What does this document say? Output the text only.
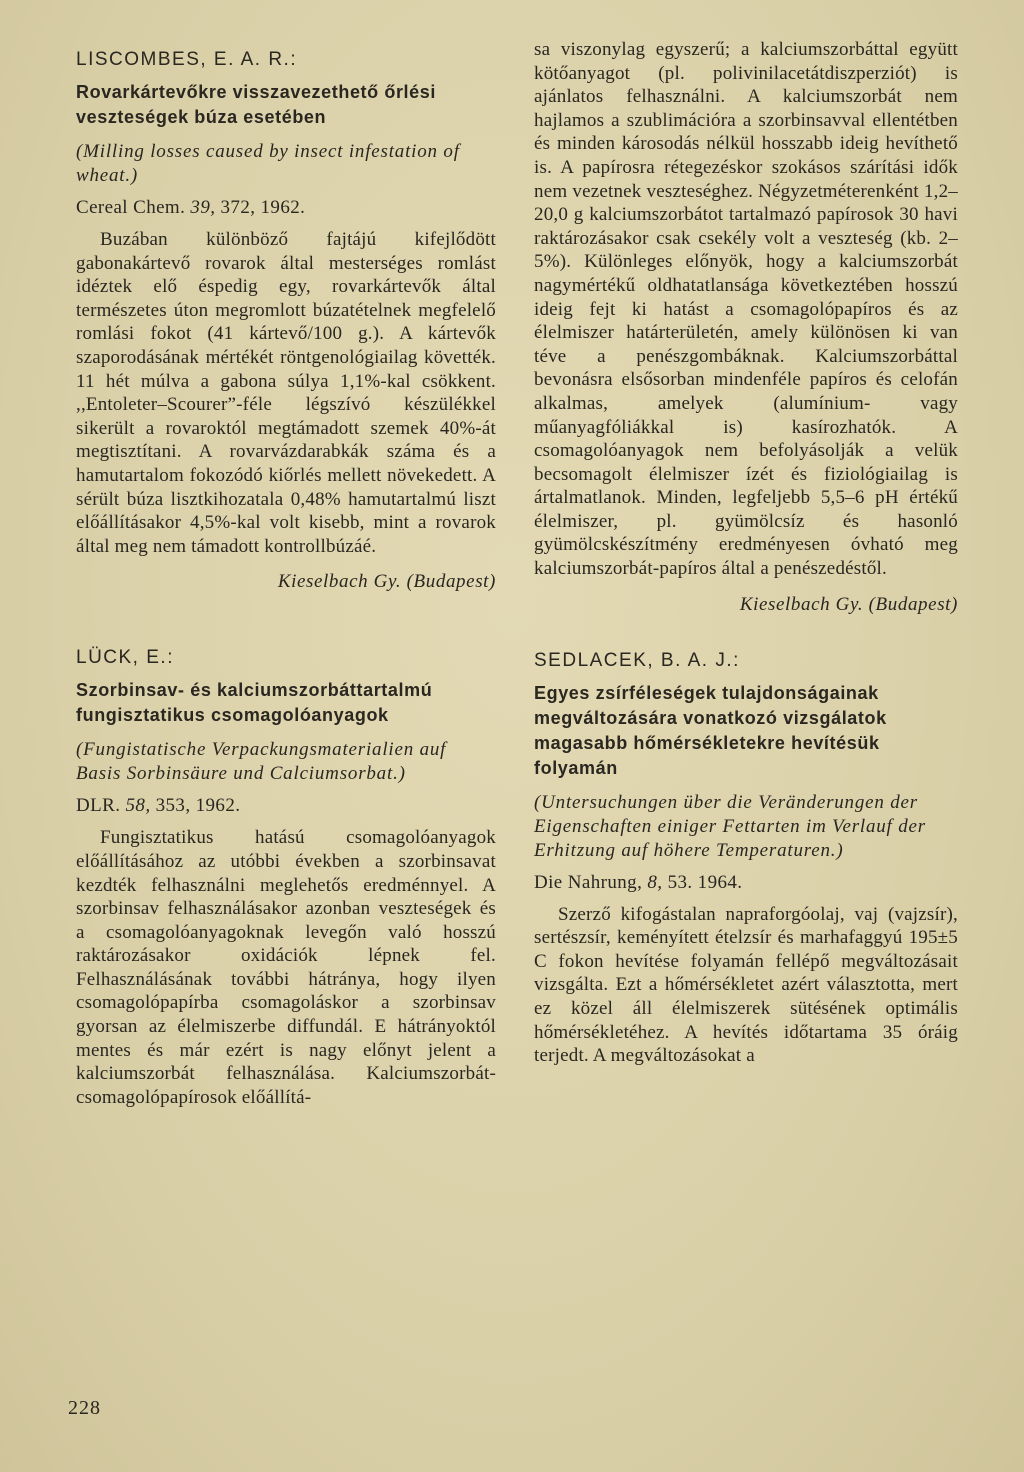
LISCOMBES, E. A. R.:
Rovarkártevőkre visszavezethető őrlési veszteségek búza esetében
(Milling losses caused by insect infestation of wheat.)
Cereal Chem. 39, 372, 1962.

Buzában különböző fajtájú kifejlődött gabonakártevő rovarok által mesterséges romlást idéztek elő éspedig egy, rovarkártevők által természetes úton megromlott búzatételnek megfelelő romlási fokot (41 kártevő/100 g.). A kártevők szaporodásának mértékét röntgenológiailag követték. 11 hét múlva a gabona súlya 1,1%-kal csökkent. ,,Entoleter–Scourer”-féle légszívó készülékkel sikerült a rovaroktól megtámadott szemek 40%-át megtisztítani. A rovarvázdarabkák száma és a hamutartalom fokozódó kiőrlés mellett növekedett. A sérült búza lisztkihozatala 0,48% hamutartalmú liszt előállításakor 4,5%-kal volt kisebb, mint a rovarok által meg nem támadott kontrollbúzáé.

Kieselbach Gy. (Budapest)
LÜCK, E.:
Szorbinsav- és kalciumszorbáttartalmú fungisztatikus csomagolóanyagok
(Fungistatische Verpackungsmaterialien auf Basis Sorbinsäure und Calciumsorbat.)
DLR. 58, 353, 1962.

Fungisztatikus hatású csomagolóanyagok előállításához az utóbbi években a szorbinsavat kezdték felhasználni meglehetős eredménnyel. A szorbinsav felhasználásakor azonban veszteségek és a csomagolóanyagoknak levegőn való hosszú raktározásakor oxidációk lépnek fel. Felhasználásának további hátránya, hogy ilyen csomagolópapírba csomagoláskor a szorbinsav gyorsan az élelmiszerbe diffundál. E hátrányoktól mentes és már ezért is nagy előnyt jelent a kalciumszorbát felhasználása. Kalciumszorbát-csomagolópapírosok előállítá-

sa viszonylag egyszerű; a kalciumszorbáttal együtt kötőanyagot (pl. polivinilacetátdiszperziót) is ajánlatos felhasználni. A kalciumszorbát nem hajlamos a szublimációra a szorbinsavval ellentétben és minden károsodás nélkül hosszabb ideig hevíthető is. A papírosra rétegezéskor szokásos szárítási idők nem vezetnek veszteséghez. Négyzetméterenként 1,2–20,0 g kalciumszorbátot tartalmazó papírosok 30 havi raktározásakor csak csekély volt a veszteség (kb. 2–5%). Különleges előnyök, hogy a kalciumszorbát nagymértékű oldhatatlansága következtében hosszú ideig fejt ki hatást a csomagolópapíros és az élelmiszer határterületén, amely különösen ki van téve a penészgombáknak. Kalciumszorbáttal bevonásra elsősorban mindenféle papíros és celofán alkalmas, amelyek (alumínium- vagy műanyagfóliákkal is) kasírozhatók. A csomagolóanyagok nem befolyásolják a velük becsomagolt élelmiszer ízét és fiziológiailag is ártalmatlanok. Minden, legfeljebb 5,5–6 pH értékű élelmiszer, pl. gyümölcsíz és hasonló gyümölcskészítmény eredményesen óvható meg kalciumszorbát-papíros által a penészedéstől.

Kieselbach Gy. (Budapest)
SEDLACEK, B. A. J.:
Egyes zsírféleségek tulajdonságainak megváltozására vonatkozó vizsgálatok magasabb hőmérsékletekre hevítésük folyamán
(Untersuchungen über die Veränderungen der Eigenschaften einiger Fettarten im Verlauf der Erhitzung auf höhere Temperaturen.)
Die Nahrung, 8, 53. 1964.

Szerző kifogástalan napraforgóolaj, vaj (vajzsír), sertészsír, keményített ételzsír és marhafaggyú 195±5 C fokon hevítése folyamán fellépő megváltozásait vizsgálta. Ezt a hőmérsékletet azért választotta, mert ez közel áll élelmiszerek sütésének optimális hőmérsékletéhez. A hevítés időtartama 35 óráig terjedt. A megváltozásokat a

228
